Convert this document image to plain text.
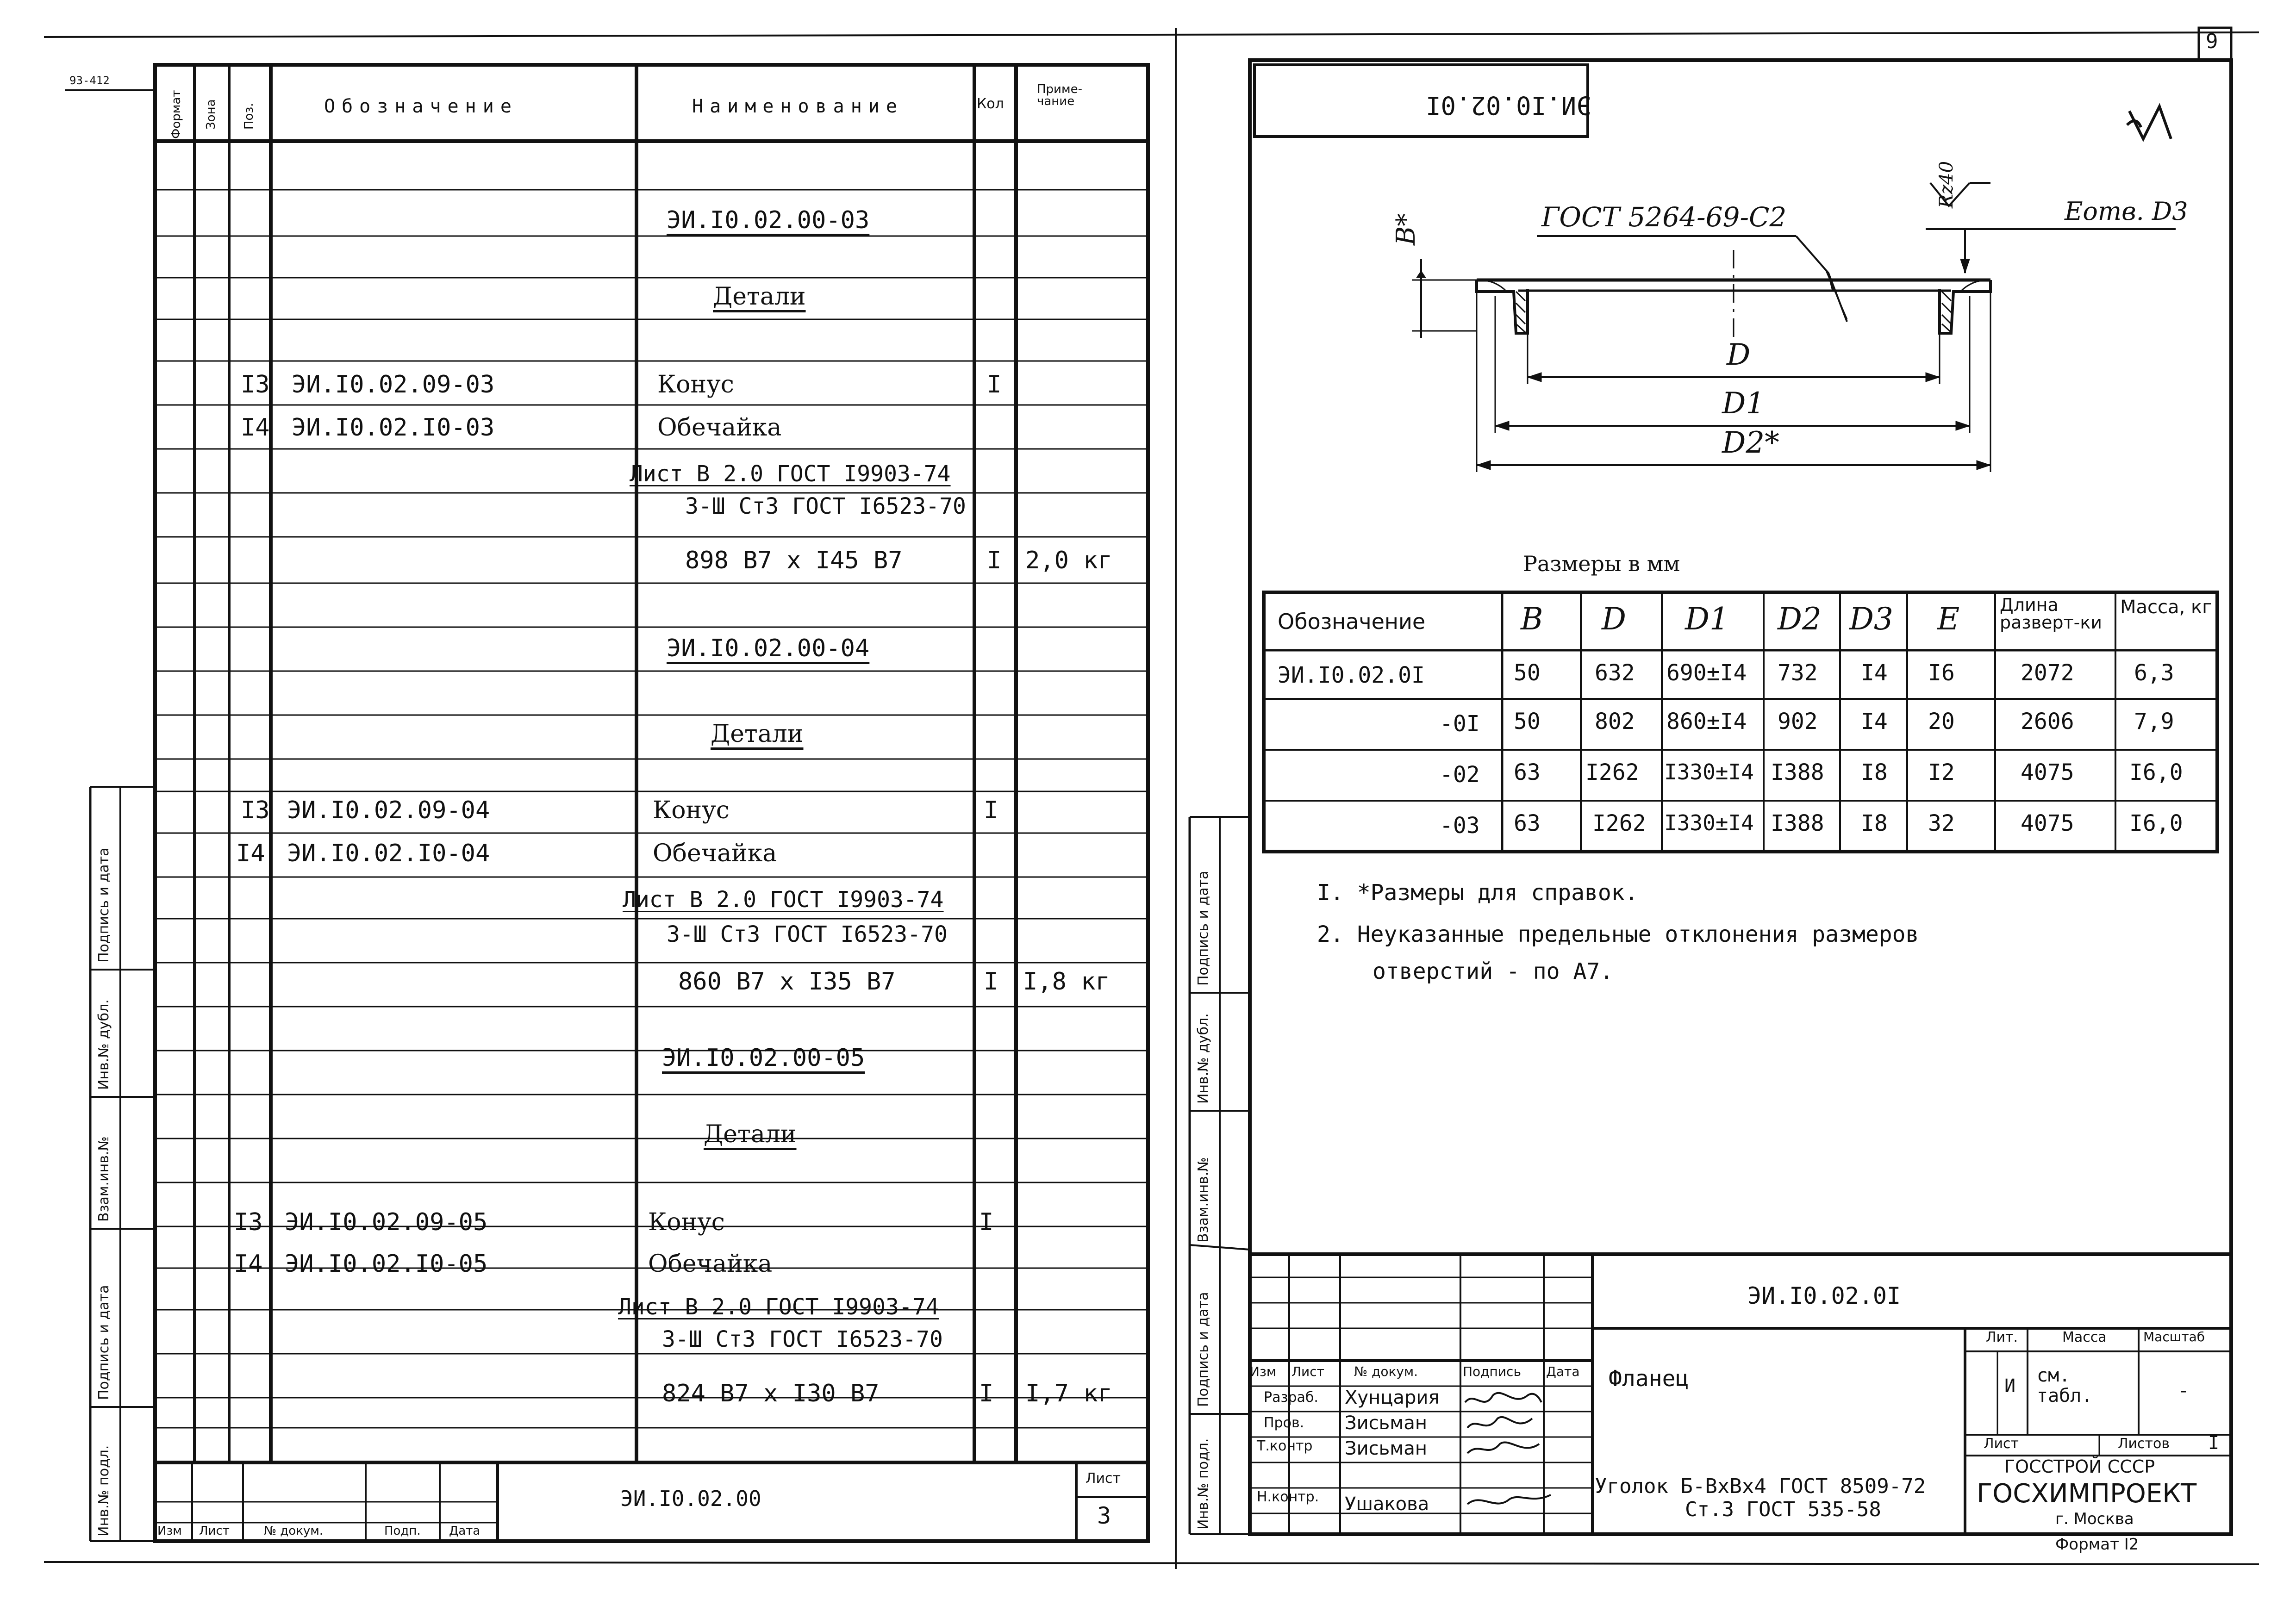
93-412
Формат Зона Поз.	Обозначение	Наименование	Кол
Приме-
чание
ЭИ.I0.02.00-03
Детали
I3 ЭИ.I0.02.09-03	Конус	I
I4 ЭИ.I0.02.I0-03	Обечайка
Лист В 2.0 ГОСТ I9903-74
3-Ш Ст3 ГОСТ I6523-70
898 В7 х I45 В7	I 2,0 кг
ЭИ.I0.02.00-04
Детали
I3 ЭИ.I0.02.09-04	Конус	I
I4 ЭИ.I0.02.I0-04	Обечайка
Лист В 2.0 ГОСТ I9903-74
3-Ш Ст3 ГОСТ I6523-70
860 В7 х I35 В7	I I,8 кг
ЭИ.I0.02.00-05
Детали
I3 ЭИ.I0.02.09-05	Конус	I
I4 ЭИ.I0.02.I0-05	Обечайка
Лист В 2.0 ГОСТ I9903-74
3-Ш Ст3 ГОСТ I6523-70
824 В7 х I30 В7	I I,7 кг
ЭИ.I0.02.00
Лист
3
Изм Лист	№ докум.	Подп. Дата
Подпись и дата
Инв.№ дубл.
Взам.инв.№
Подпись и дата
Инв.№ подл.
9
ЭИ.I0.02.0I
ГОСТ 5264-69-С2	Еотв. D3
Rz40
В*
D
D1
D2*
Размеры в мм
Обозначение	B D D1 D2 D3 E Длина разверт-ки
Масса, кг
ЭИ.I0.02.0I	50 632 690±I4 732 I4 I6	2072	6,3
-0I 50 802 860±I4 902 I4 20	2606	7,9
-02 63 I262 I330±I4 I388 I8 I2	4075 I6,0
-03 63 I262 I330±I4 I388 I8 32	4075 I6,0
I. *Размеры для справок.
2. Неуказанные предельные отклонения размеров
отверстий - по А7.
ЭИ.I0.02.0I
Фланец
Уголок Б-ВхВх4 ГОСТ 8509-72
Ст.3 ГОСТ 535-58
Изм Лист № докум.	Подпись Дата
Разраб. Хунцария
Пров. Зисьман
Т.контр Зисьман
Н.контр. Ушакова
Лит.	Масса	Масштаб
И см. табл.	-
Лист	Листов I
ГОССТРОЙ СССР
ГОСХИМПРОЕКТ
г. Москва
Формат I2
Подпись и дата
Инв.№ дубл.
Взам.инв.№
Подпись и дата
Инв.№ подл.
